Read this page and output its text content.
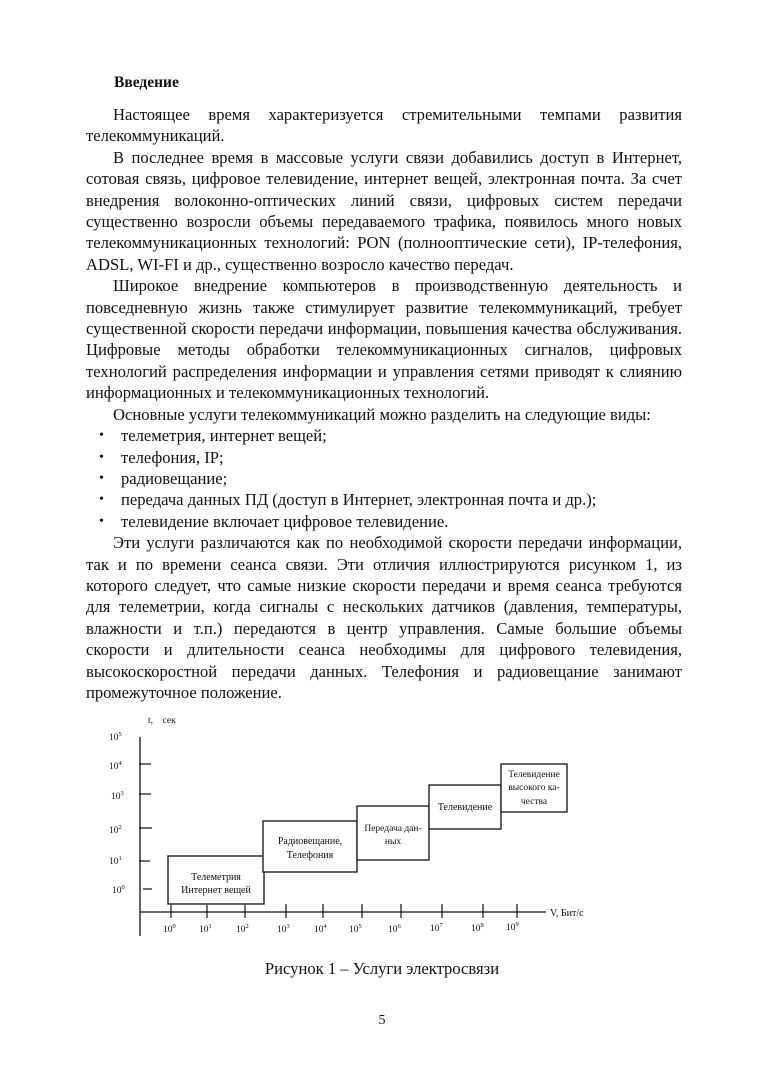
Введение

Настоящее время характеризуется стремительными темпами развития телекоммуникаций.

В последнее время в массовые услуги связи добавились доступ в Интернет, сотовая связь, цифровое телевидение, интернет вещей, электронная почта. За счет внедрения волоконно-оптических линий связи, цифровых систем передачи существенно возросли объемы передаваемого трафика, появилось много новых телекоммуникационных технологий: PON (полнооптические сети), IP-телефония, ADSL, WI-FI и др., существенно возросло качество передач.

Широкое внедрение компьютеров в производственную деятельность и повседневную жизнь также стимулирует развитие телекоммуникаций, требует существенной скорости передачи информации, повышения качества обслуживания. Цифровые методы обработки телекоммуникационных сигналов, цифровых технологий распределения информации и управления сетями приводят к слиянию информационных и телекоммуникационных технологий.

Основные услуги телекоммуникаций можно разделить на следующие виды:

• телеметрия, интернет вещей;
• телефония, IP;
• радиовещание;
• передача данных ПД (доступ в Интернет, электронная почта и др.);
• телевидение включает цифровое телевидение.

Эти услуги различаются как по необходимой скорости передачи информации, так и по времени сеанса связи. Эти отличия иллюстрируются рисунком 1, из которого следует, что самые низкие скорости передачи и время сеанса требуются для телеметрии, когда сигналы с нескольких датчиков (давления, температуры, влажности и т.п.) передаются в центр управления. Самые большие объемы скорости и длительности сеанса необходимы для цифрового телевидения, высокоскоростной передачи данных. Телефония и радиовещание занимают промежуточное положение.

t,    сек
$10^5$
$10^4$
$10^3$
$10^2$
$10^1$
$10^0$
$10^0$ $10^1$	$10^2$	$10^3$	$10^4$ $10^5$	$10^6$	$10^7$	$10^8$ $10^9$
V, Бит/с
Телеметрия
Интернет вещей
Радиовещание,
Телефония
Передача дан-
ных
Телевидение
Телевидение
высокого ка-
чества
Рисунок 1 – Услуги электросвязи
5
